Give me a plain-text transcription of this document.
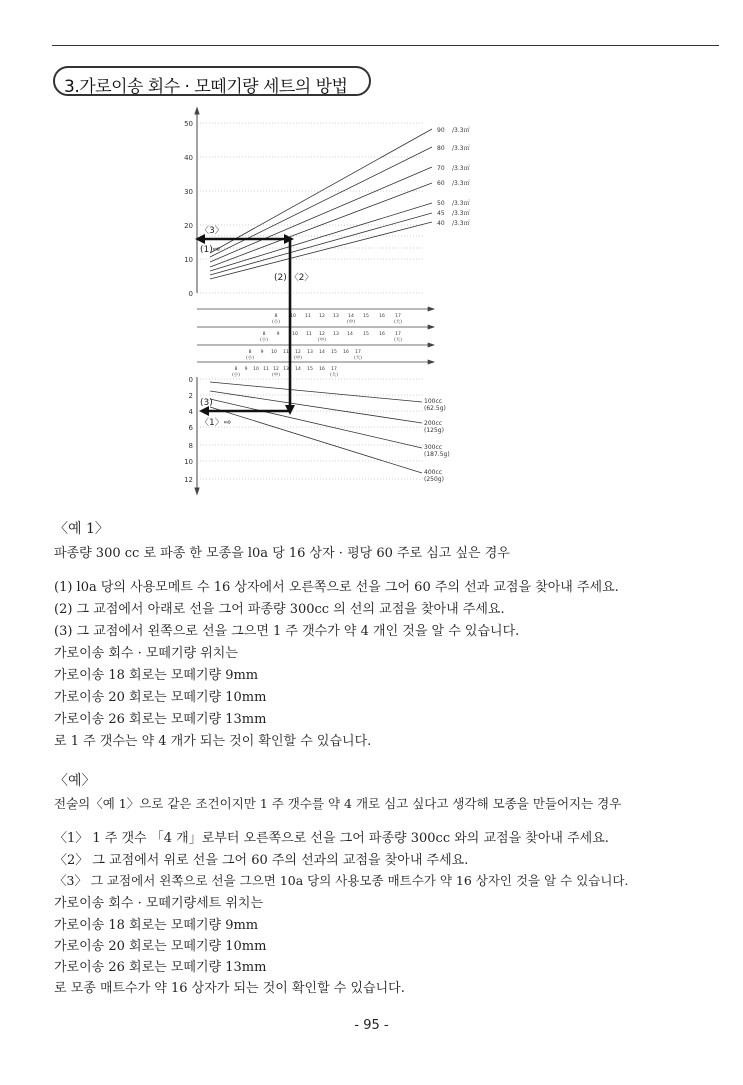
3.가로이송 회수 · 모떼기량 세트의 방법
50
40
30
20
10
0
0
2
4
6
8
10
12
90 /3.3㎡
80 /3.3㎡
70 /3.3㎡
60 /3.3㎡
50 /3.3㎡
45 /3.3㎡
40 /3.3㎡
8	10 11 12 13 14 15 16 17
(小)	(中)	(大)
8 9	10 11 12 13 14 15 16 17
(小)	(中)	(大)
8 9 10 11 12 13 14 15 16 17
(小)	(中)	(大)
8 9 10 11 12 13 14 15 16 17
(小)	(中)	(大)
100cc
(62.5g)
200cc
(125g)
300cc
(187.5g)
400cc
(250g)
〈3〉
(1)⇨
(2) 〈2〉
(3)
〈1〉⇨
〈예 1〉
파종량 300 cc 로 파종 한 모종을 l0a 당 16 상자 · 평당 60 주로 심고 싶은 경우
(1) l0a 당의 사용모메트 수 16 상자에서 오른쪽으로 선을 그어 60 주의 선과 교점을 찾아내 주세요.
(2) 그 교점에서 아래로 선을 그어 파종량 300cc 의 선의 교점을 찾아내 주세요.
(3) 그 교점에서 왼쪽으로 선을 그으면 1 주 갯수가 약 4 개인 것을 알 수 있습니다.
가로이송 회수 · 모떼기량 위치는
가로이송 18 회로는 모떼기량 9mm
가로이송 20 회로는 모떼기량 10mm
가로이송 26 회로는 모떼기량 13mm
로 1 주 갯수는 약 4 개가 되는 것이 확인할 수 있습니다.
〈예〉
전술의〈예 1〉으로 같은 조건이지만 1 주 갯수를 약 4 개로 심고 싶다고 생각해 모종을 만들어지는 경우
〈1〉 1 주 갯수 「4 개」로부터 오른쪽으로 선을 그어 파종량 300cc 와의 교점을 찾아내 주세요.
〈2〉 그 교점에서 위로 선을 그어 60 주의 선과의 교점을 찾아내 주세요.
〈3〉 그 교점에서 왼쪽으로 선을 그으면 10a 당의 사용모종 매트수가 약 16 상자인 것을 알 수 있습니다.
가로이송 회수 · 모떼기량세트 위치는
가로이송 18 회로는 모떼기량 9mm
가로이송 20 회로는 모떼기량 10mm
가로이송 26 회로는 모떼기량 13mm
로 모종 매트수가 약 16 상자가 되는 것이 확인할 수 있습니다.
- 95 -
